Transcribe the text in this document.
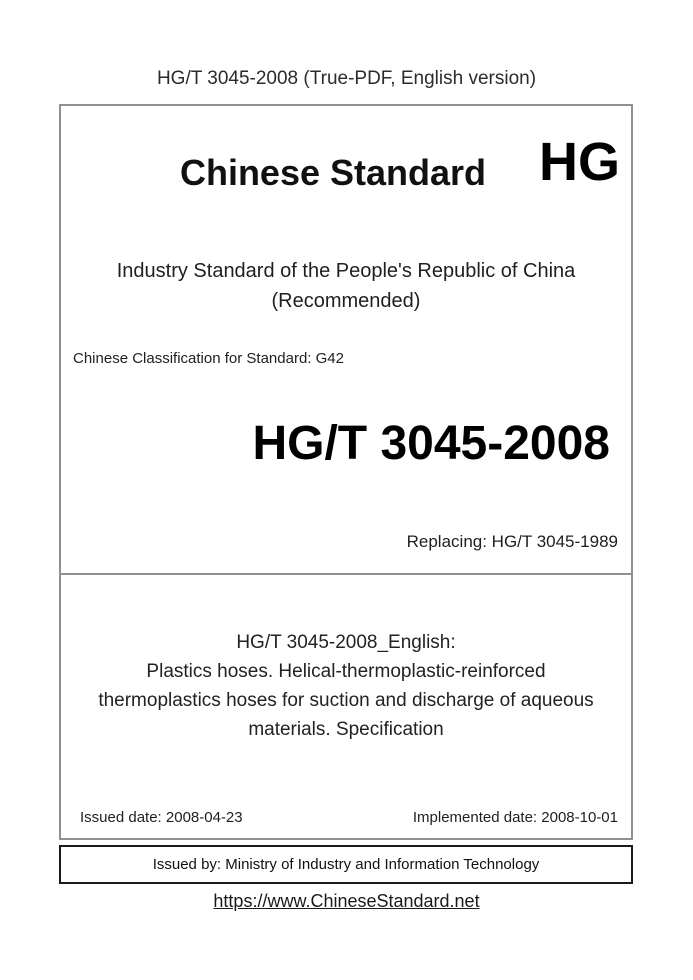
HG/T 3045-2008 (True-PDF, English version)
Chinese Standard HG
Industry Standard of the People's Republic of China
(Recommended)
Chinese Classification for Standard: G42
HG/T 3045-2008
Replacing: HG/T 3045-1989
HG/T 3045-2008_English:
Plastics hoses. Helical-thermoplastic-reinforced
thermoplastics hoses for suction and discharge of aqueous
materials. Specification
Issued date: 2008-04-23	Implemented date: 2008-10-01
Issued by: Ministry of Industry and Information Technology
https://www.ChineseStandard.net
